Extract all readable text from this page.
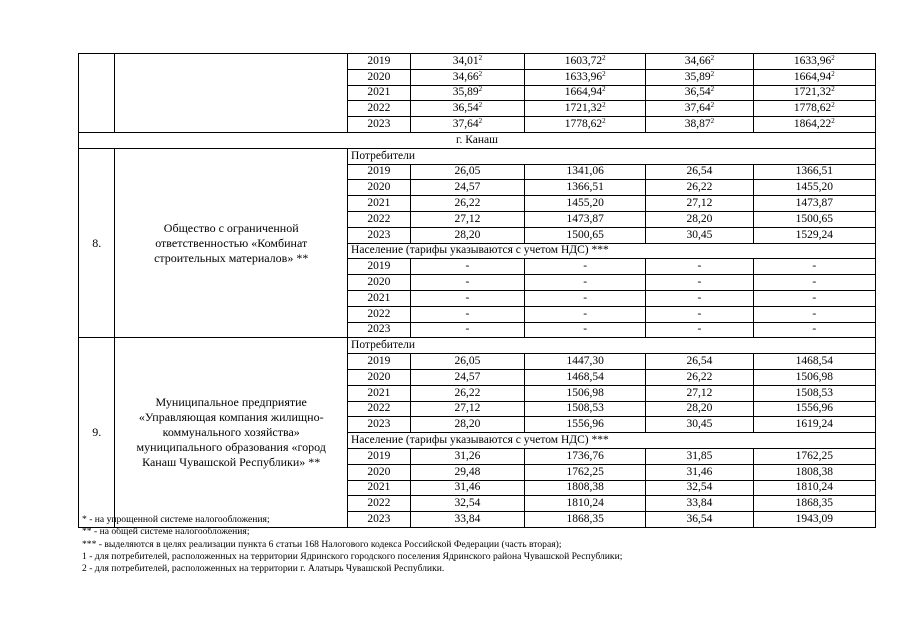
		2019	34,01$^2$	1603,72$^2$	34,66$^2$	1633,96$^2$
		2020	34,66$^2$	1633,96$^2$	35,89$^2$	1664,94$^2$
		2021	35,89$^2$	1664,94$^2$	36,54$^2$	1721,32$^2$
		2022	36,54$^2$	1721,32$^2$	37,64$^2$	1778,62$^2$
		2023	37,64$^2$	1778,62$^2$	38,87$^2$	1864,22$^2$
г. Канаш						
8.	Общество с ограниченной ответственностью «Комбинат строительных материалов» **	Потребители				
		2019	26,05	1341,06	26,54	1366,51
		2020	24,57	1366,51	26,22	1455,20
		2021	26,22	1455,20	27,12	1473,87
		2022	27,12	1473,87	28,20	1500,65
		2023	28,20	1500,65	30,45	1529,24
		Население (тарифы указываются с учетом НДС) ***				
		2019	-	-	-	-
		2020	-	-	-	-
		2021	-	-	-	-
		2022	-	-	-	-
		2023	-	-	-	-
9.	Муниципальное предприятие «Управляющая компания жилищно-коммунального хозяйства» муниципального образования «город Канаш Чувашской Республики» **	Потребители				
		2019	26,05	1447,30	26,54	1468,54
		2020	24,57	1468,54	26,22	1506,98
		2021	26,22	1506,98	27,12	1508,53
		2022	27,12	1508,53	28,20	1556,96
		2023	28,20	1556,96	30,45	1619,24
		Население (тарифы указываются с учетом НДС) ***				
		2019	31,26	1736,76	31,85	1762,25
		2020	29,48	1762,25	31,46	1808,38
		2021	31,46	1808,38	32,54	1810,24
		2022	32,54	1810,24	33,84	1868,35
		2023	33,84	1868,35	36,54	1943,09
* - на упрощенной системе налогообложения;
** - на общей системе налогообложения;
*** - выделяются в целях реализации пункта 6 статьи 168 Налогового кодекса Российской Федерации (часть вторая);
1 - для потребителей, расположенных на территории Ядринского городского поселения Ядринского района Чувашской Республики;
2 - для потребителей, расположенных на территории г. Алатырь Чувашской Республики.
